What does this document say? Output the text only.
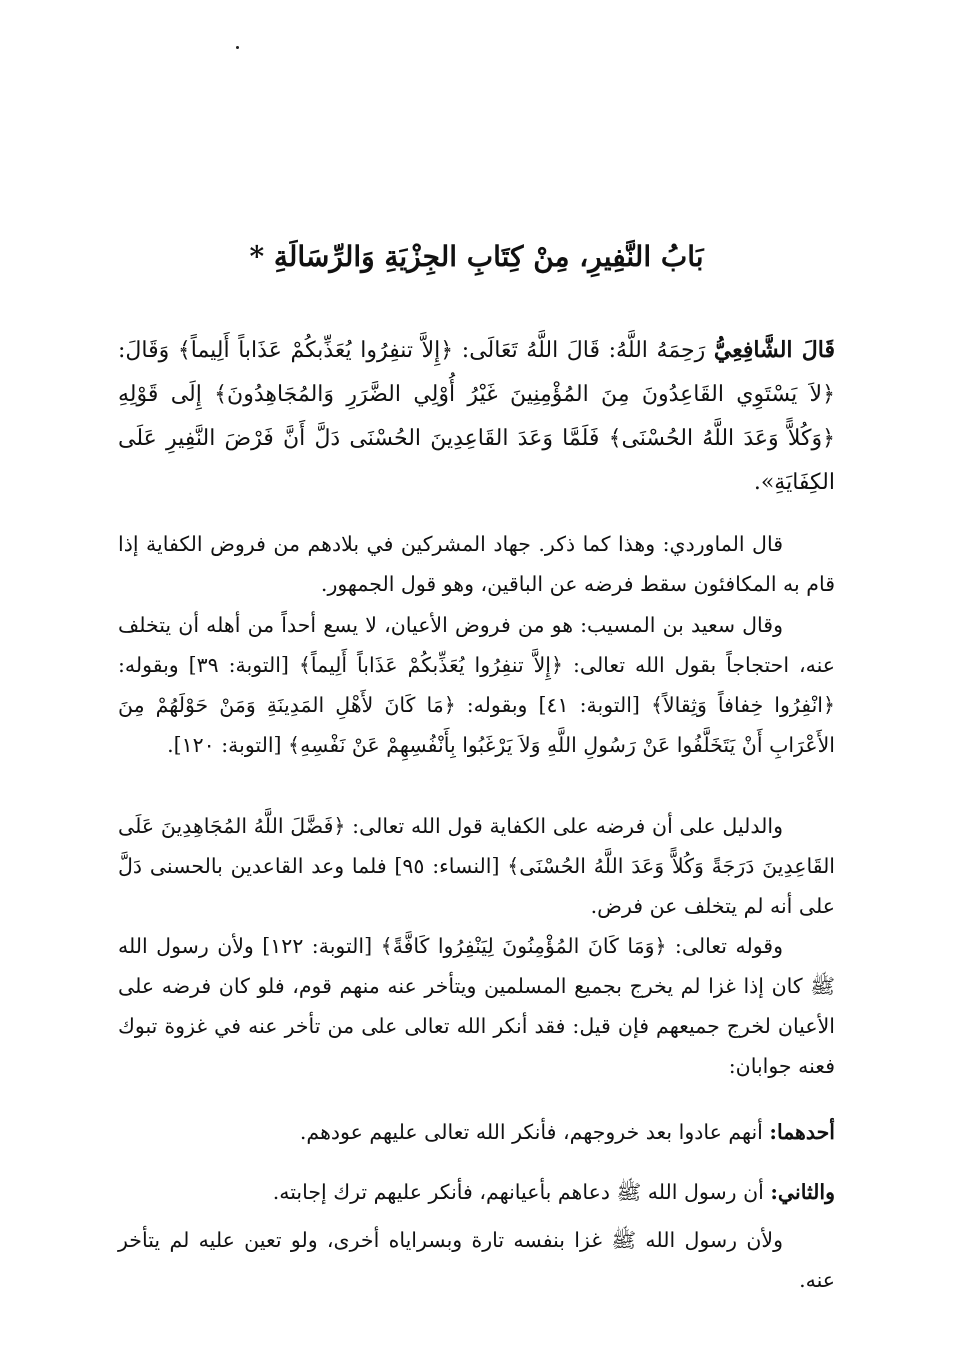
بَابُ النَّفِيرِ، مِنْ كِتَابِ الجِزْيَةِ وَالرِّسَالَةِ *

قَالَ الشَّافِعِيُّ رَحِمَهُ اللَّهُ: قَالَ اللَّهُ تَعَالَى: ﴿إِلاَّ تنفِرُوا يُعَذِّبكُمْ عَذَاباً أَلِيماً﴾ وَقَالَ: ﴿لاَ يَسْتَوِي القَاعِدُونَ مِنَ المُؤْمِنِينَ غَيْرُ أُوْلِي الضَّرَرِ وَالمُجَاهِدُونَ﴾ إِلَى قَوْلِهِ ﴿وَكُلاًّ وَعَدَ اللَّهُ الحُسْنَى﴾ فَلَمَّا وَعَدَ القَاعِدِينَ الحُسْنَى دَلَّ أَنَّ فَرْضَ النَّفِيرِ عَلَى الكِفَايَةِ».

قال الماوردي: وهذا كما ذكر. جهاد المشركين في بلادهم من فروض الكفاية إذا قام به المكافئون سقط فرضه عن الباقين، وهو قول الجمهور.

وقال سعيد بن المسيب: هو من فروض الأعيان، لا يسع أحداً من أهله أن يتخلف عنه، احتجاجاً بقول الله تعالى: ﴿إِلاَّ تنفِرُوا يُعَذِّبكُمْ عَذَاباً أَلِيماً﴾ [التوبة: ٣٩] وبقوله: ﴿انْفِرُوا خِفافاً وَثِقالاً﴾ [التوبة: ٤١] وبقوله: ﴿مَا كَانَ لأَهْلِ المَدِينَةِ وَمَنْ حَوْلَهُمْ مِنَ الأَعْرَابِ أَنْ يَتَخَلَّفُوا عَنْ رَسُولِ اللَّهِ وَلاَ يَرْغَبُوا بِأَنْفُسِهِمْ عَنْ نَفْسِهِ﴾ [التوبة: ١٢٠].

والدليل على أن فرضه على الكفاية قول الله تعالى: ﴿فَضَّلَ اللَّهُ المُجَاهِدِينَ عَلَى القَاعِدِينَ دَرَجَةً وَكُلاًّ وَعَدَ اللَّهُ الحُسْنَى﴾ [النساء: ٩٥] فلما وعد القاعدين بالحسنى دَلَّ على أنه لم يتخلف عن فرض.

وقوله تعالى: ﴿وَمَا كَانَ المُؤْمِنُونَ لِيَنْفِرُوا كَافَّةً﴾ [التوبة: ١٢٢] ولأن رسول الله ﷺ كان إذا غزا لم يخرج بجميع المسلمين ويتأخر عنه منهم قوم، فلو كان فرضه على الأعيان لخرج جميعهم فإن قيل: فقد أنكر الله تعالى على من تأخر عنه في غزوة تبوك فعنه جوابان:

أحدهما: أنهم عادوا بعد خروجهم، فأنكر الله تعالى عليهم عودهم.

والثاني: أن رسول الله ﷺ دعاهم بأعيانهم، فأنكر عليهم ترك إجابته.

ولأن رسول الله ﷺ غزا بنفسه تارة وبسراياه أخرى، ولو تعين عليه لم يتأخر عنه.
